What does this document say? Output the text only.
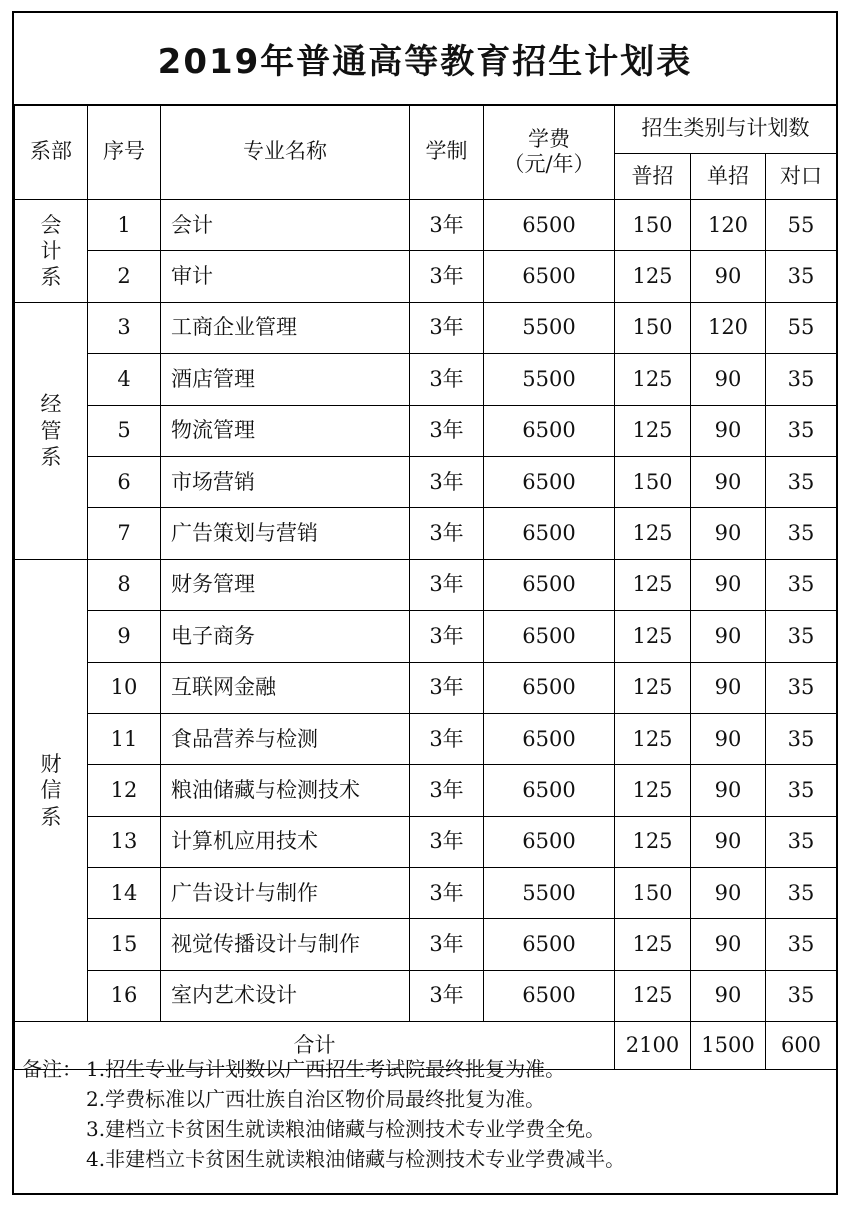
2019年普通高等教育招生计划表
系部	序号	专业名称	学制	学费
（元/年）	招生类别与计划数		
					普招	单招	对口

会
计
系	1	会计	3年	6500	150	120	55
	2	审计	3年	6500	125	90	35

经
管
系	3	工商企业管理	3年	5500	150	120	55
	4	酒店管理	3年	5500	125	90	35
	5	物流管理	3年	6500	125	90	35
	6	市场营销	3年	6500	150	90	35
	7	广告策划与营销	3年	6500	125	90	35

财
信
系	8	财务管理	3年	6500	125	90	35
	9	电子商务	3年	6500	125	90	35
	10	互联网金融	3年	6500	125	90	35
	11	食品营养与检测	3年	6500	125	90	35
	12	粮油储藏与检测技术	3年	6500	125	90	35
	13	计算机应用技术	3年	6500	125	90	35
	14	广告设计与制作	3年	5500	150	90	35
	15	视觉传播设计与制作	3年	6500	125	90	35
	16	室内艺术设计	3年	6500	125	90	35
合计					2100	1500	600
备注： 1.招生专业与计划数以广西招生考试院最终批复为准。
2.学费标准以广西壮族自治区物价局最终批复为准。
3.建档立卡贫困生就读粮油储藏与检测技术专业学费全免。
4.非建档立卡贫困生就读粮油储藏与检测技术专业学费减半。
